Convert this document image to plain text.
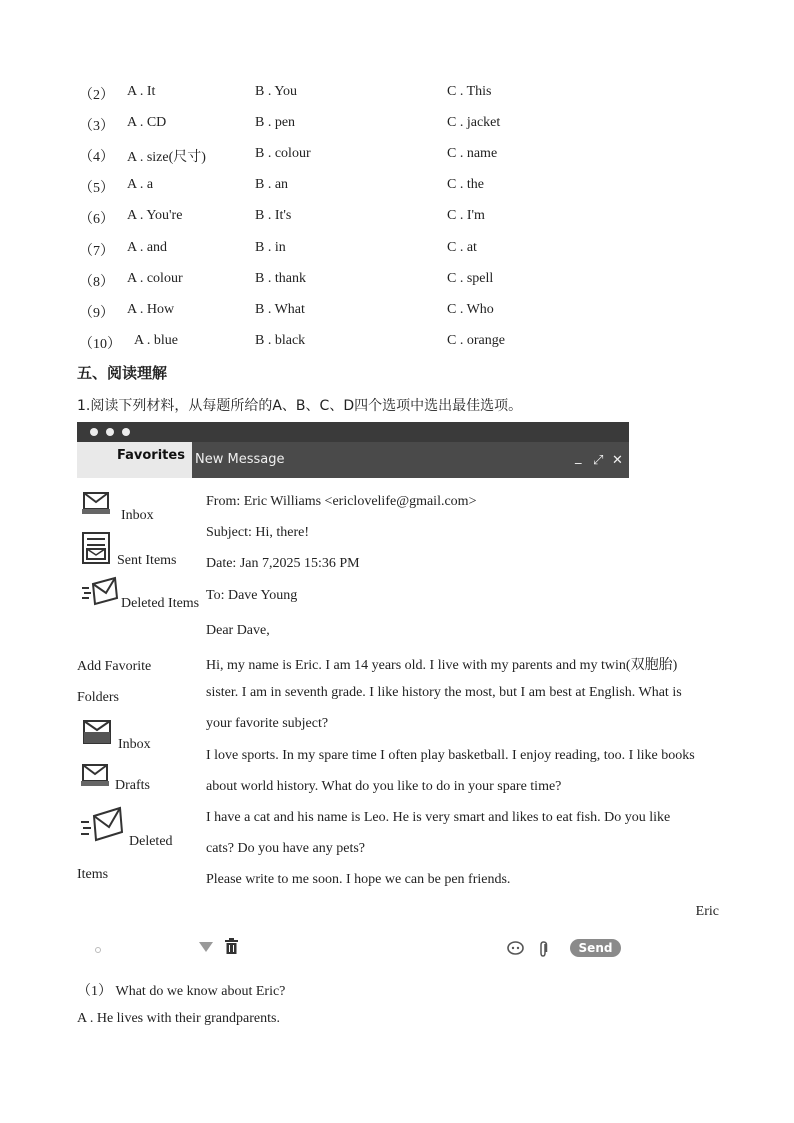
（2） A . It	B . You	C . This
（3） A . CD	B . pen	C . jacket
（4） A . size(尺寸)	B . colour	C . name
（5） A . a	B . an	C . the
（6） A . You're	B . It's	C . I'm
（7） A . and	B . in	C . at
（8） A . colour	B . thank	C . spell
（9） A . How	B . What	C . Who
（10） A . blue	B . black	C . orange
五、阅读理解
1.阅读下列材料，从每题所给的A、B、C、D四个选项中选出最佳选项。
Favorites New Message	_ ⤢ ✕
Inbox
Sent Items
Deleted Items
Add Favorite
Folders
Inbox
Drafts
Deleted
Items
From: Eric Williams <ericlovelife@gmail.com>
Subject: Hi, there!
Date: Jan 7,2025 15:36 PM
To: Dave Young
Dear Dave,
Hi, my name is Eric. I am 14 years old. I live with my parents and my twin(双胞胎)
sister. I am in seventh grade. I like history the most, but I am best at English. What is
your favorite subject?
I love sports. In my spare time I often play basketball. I enjoy reading, too. I like books
about world history. What do you like to do in your spare time?
I have a cat and his name is Leo. He is very smart and likes to eat fish. Do you like
cats? Do you have any pets?
Please write to me soon. I hope we can be pen friends.
Eric
Send
（1） What do we know about Eric?
A . He lives with their grandparents.
